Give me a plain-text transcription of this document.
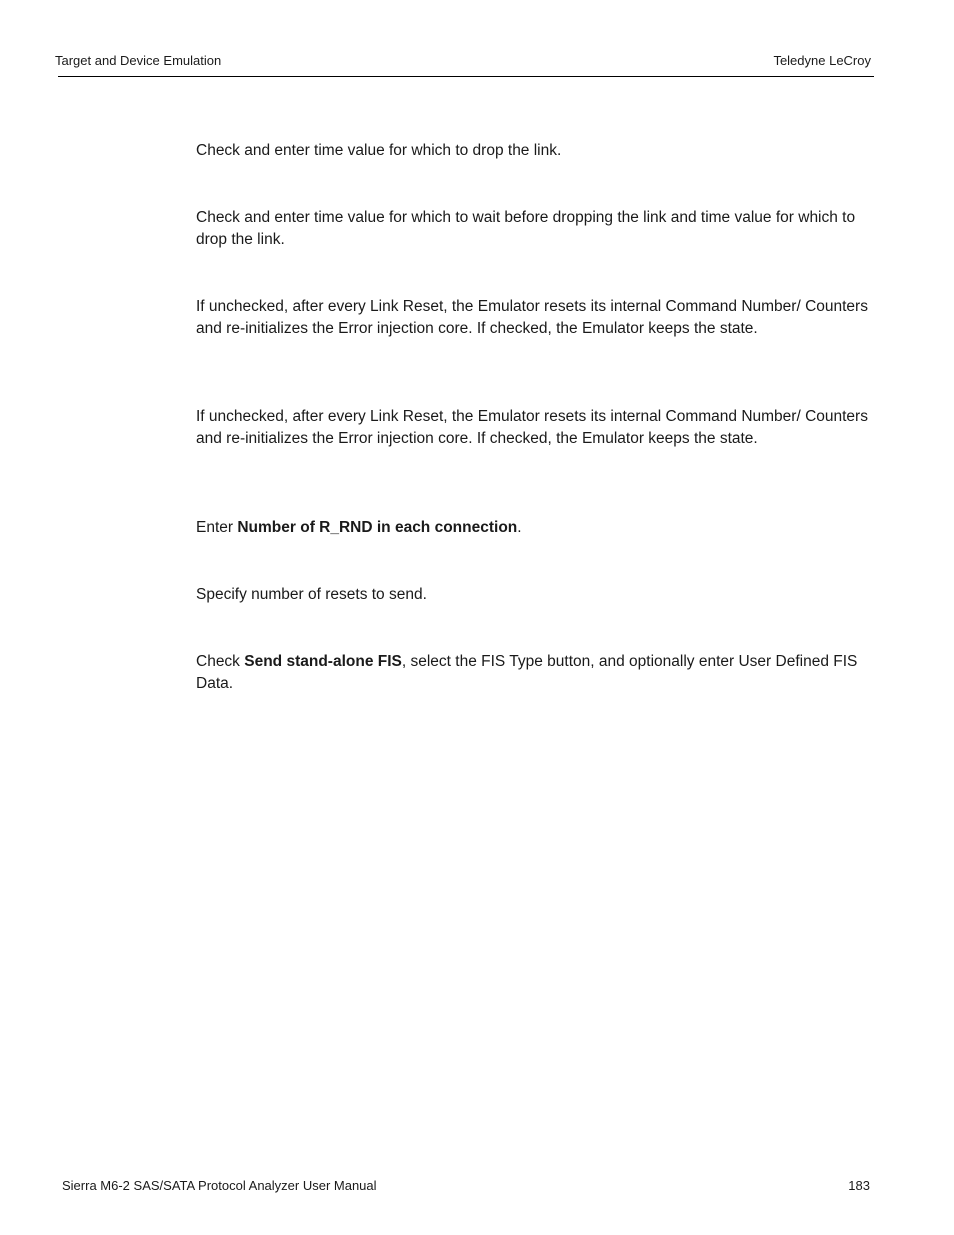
Target and Device Emulation	Teledyne LeCroy

Check and enter time value for which to drop the link.

Check and enter time value for which to wait before dropping the link and time value for which to drop the link.

If unchecked, after every Link Reset, the Emulator resets its internal Command Number/ Counters and re-initializes the Error injection core. If checked, the Emulator keeps the state.

If unchecked, after every Link Reset, the Emulator resets its internal Command Number/ Counters and re-initializes the Error injection core. If checked, the Emulator keeps the state.

Enter Number of R_RND in each connection.

Specify number of resets to send.

Check Send stand-alone FIS, select the FIS Type button, and optionally enter User Defined FIS Data.

Sierra M6-2 SAS/SATA Protocol Analyzer User Manual	183
